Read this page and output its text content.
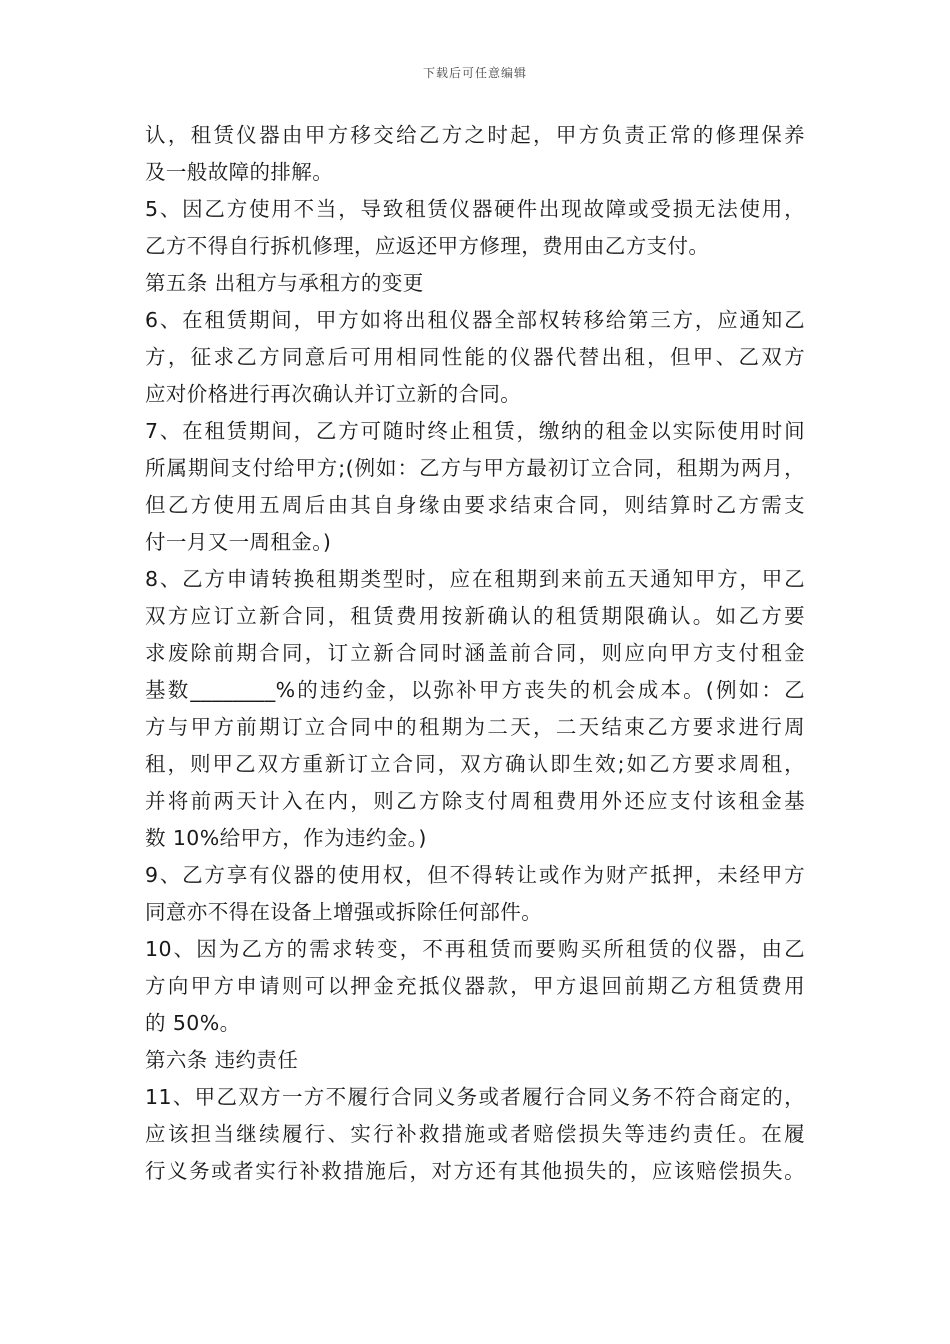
下载后可任意编辑
认，租赁仪器由甲方移交给乙方之时起，甲方负责正常的修理保养
及一般故障的排解。
5、因乙方使用不当，导致租赁仪器硬件出现故障或受损无法使用，
乙方不得自行拆机修理，应返还甲方修理，费用由乙方支付。
第五条 出租方与承租方的变更
6、在租赁期间，甲方如将出租仪器全部权转移给第三方，应通知乙
方，征求乙方同意后可用相同性能的仪器代替出租，但甲、乙双方
应对价格进行再次确认并订立新的合同。
7、在租赁期间，乙方可随时终止租赁，缴纳的租金以实际使用时间
所属期间支付给甲方;(例如：乙方与甲方最初订立合同，租期为两月，
但乙方使用五周后由其自身缘由要求结束合同，则结算时乙方需支
付一月又一周租金。)
8、乙方申请转换租期类型时，应在租期到来前五天通知甲方，甲乙
双方应订立新合同，租赁费用按新确认的租赁期限确认。如乙方要
求废除前期合同，订立新合同时涵盖前合同，则应向甲方支付租金
基数________%的违约金，以弥补甲方丧失的机会成本。(例如：乙
方与甲方前期订立合同中的租期为二天，二天结束乙方要求进行周
租，则甲乙双方重新订立合同，双方确认即生效;如乙方要求周租，
并将前两天计入在内，则乙方除支付周租费用外还应支付该租金基
数 10%给甲方，作为违约金。)
9、乙方享有仪器的使用权，但不得转让或作为财产抵押，未经甲方
同意亦不得在设备上增强或拆除任何部件。
10、因为乙方的需求转变，不再租赁而要购买所租赁的仪器，由乙
方向甲方申请则可以押金充抵仪器款，甲方退回前期乙方租赁费用
的 50%。
第六条 违约责任
11、甲乙双方一方不履行合同义务或者履行合同义务不符合商定的，
应该担当继续履行、实行补救措施或者赔偿损失等违约责任。在履
行义务或者实行补救措施后，对方还有其他损失的，应该赔偿损失。
